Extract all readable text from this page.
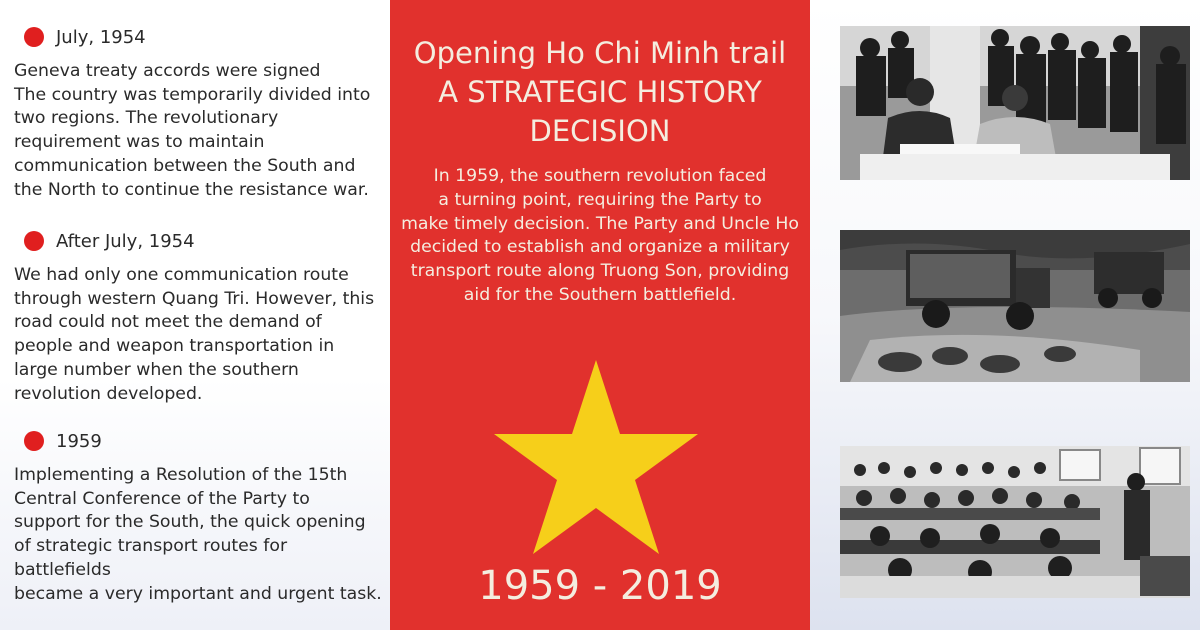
July, 1954
Geneva treaty accords were signed
The country was temporarily divided into
two regions. The revolutionary
requirement was to maintain
communication between the South and
the North to continue the resistance war.
After July, 1954
We had only one communication route
through western Quang Tri. However, this
road could not meet the demand of
people and weapon transportation in
large number when the southern
revolution developed.
1959
Implementing a Resolution of the 15th
Central Conference of the Party to
support for the South, the quick opening
of strategic transport routes for battlefields
became a very important and urgent task.
Opening Ho Chi Minh trail
A STRATEGIC HISTORY
DECISION
In 1959, the southern revolution faced
a turning point, requiring the Party to
make timely decision. The Party and Uncle Ho
decided to establish and organize a military
transport route along Truong Son, providing
aid for the Southern battlefield.
1959 - 2019
